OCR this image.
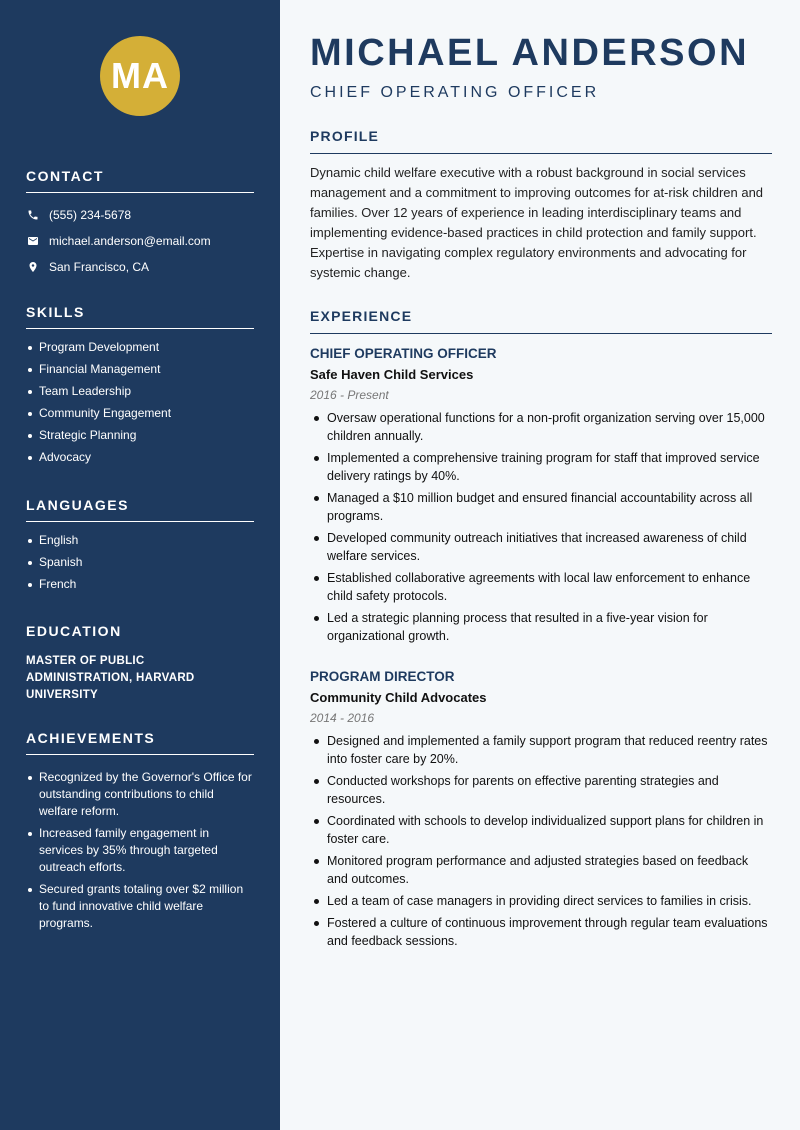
MA
CONTACT
(555) 234-5678
michael.anderson@email.com
San Francisco, CA
SKILLS
Program Development
Financial Management
Team Leadership
Community Engagement
Strategic Planning
Advocacy
LANGUAGES
English
Spanish
French
EDUCATION
MASTER OF PUBLIC ADMINISTRATION, HARVARD UNIVERSITY
ACHIEVEMENTS
Recognized by the Governor's Office for outstanding contributions to child welfare reform.
Increased family engagement in services by 35% through targeted outreach efforts.
Secured grants totaling over $2 million to fund innovative child welfare programs.
MICHAEL ANDERSON
CHIEF OPERATING OFFICER
PROFILE
Dynamic child welfare executive with a robust background in social services management and a commitment to improving outcomes for at-risk children and families. Over 12 years of experience in leading interdisciplinary teams and implementing evidence-based practices in child protection and family support. Expertise in navigating complex regulatory environments and advocating for systemic change.
EXPERIENCE
CHIEF OPERATING OFFICER
Safe Haven Child Services
2016 - Present
Oversaw operational functions for a non-profit organization serving over 15,000 children annually.
Implemented a comprehensive training program for staff that improved service delivery ratings by 40%.
Managed a $10 million budget and ensured financial accountability across all programs.
Developed community outreach initiatives that increased awareness of child welfare services.
Established collaborative agreements with local law enforcement to enhance child safety protocols.
Led a strategic planning process that resulted in a five-year vision for organizational growth.
PROGRAM DIRECTOR
Community Child Advocates
2014 - 2016
Designed and implemented a family support program that reduced reentry rates into foster care by 20%.
Conducted workshops for parents on effective parenting strategies and resources.
Coordinated with schools to develop individualized support plans for children in foster care.
Monitored program performance and adjusted strategies based on feedback and outcomes.
Led a team of case managers in providing direct services to families in crisis.
Fostered a culture of continuous improvement through regular team evaluations and feedback sessions.
